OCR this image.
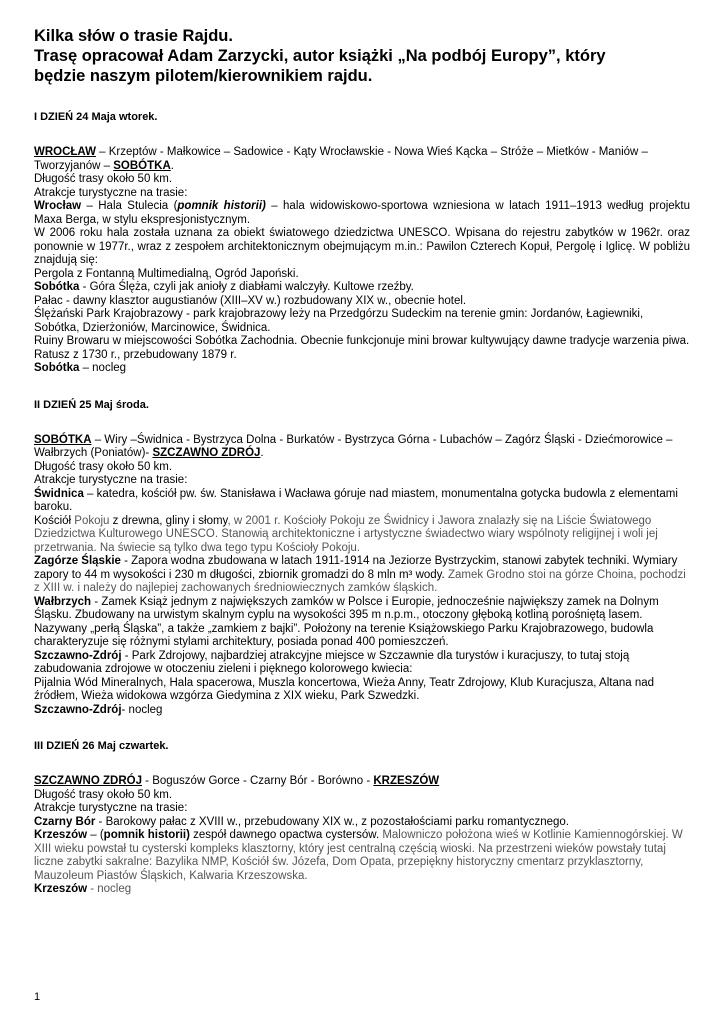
Kilka słów o trasie Rajdu.
Trasę opracował Adam Zarzycki, autor książki „Na podbój Europy”, który
będzie naszym pilotem/kierownikiem rajdu.

I DZIEŃ 24 Maja wtorek.

WROCŁAW – Krzeptów - Małkowice – Sadowice - Kąty Wrocławskie - Nowa Wieś Kącka – Stróże – Mietków - Maniów – Tworzyjanów – SOBÓTKA.

Długość trasy około 50 km.

Atrakcje turystyczne na trasie:

Wrocław – Hala Stulecia (pomnik historii) – hala widowiskowo-sportowa wzniesiona w latach 1911–1913 według projektu Maxa Berga, w stylu ekspresjonistycznym.

W 2006 roku hala została uznana za obiekt światowego dziedzictwa UNESCO. Wpisana do rejestru zabytków w 1962r. oraz ponownie w 1977r., wraz z zespołem architektonicznym obejmującym m.in.: Pawilon Czterech Kopuł, Pergolę i Iglicę. W pobliżu znajdują się:

Pergola z Fontanną Multimedialną, Ogród Japoński.

Sobótka - Góra Ślęża, czyli jak anioły z diabłami walczyły. Kultowe rzeźby.

Pałac - dawny klasztor augustianów (XIII–XV w.) rozbudowany XIX w., obecnie hotel.

Ślężański Park Krajobrazowy - park krajobrazowy leży na Przedgórzu Sudeckim na terenie gmin: Jordanów, Łagiewniki, Sobótka, Dzierżoniów, Marcinowice, Świdnica.

Ruiny Browaru w miejscowości Sobótka Zachodnia. Obecnie funkcjonuje mini browar kultywujący dawne tradycje warzenia piwa.

Ratusz z 1730 r., przebudowany 1879 r.

Sobótka – nocleg

II DZIEŃ 25 Maj środa.

SOBÓTKA – Wiry –Świdnica - Bystrzyca Dolna - Burkatów - Bystrzyca Górna - Lubachów – Zagórz Śląski - Dziećmorowice – Wałbrzych (Poniatów)- SZCZAWNO ZDRÓJ.

Długość trasy około 50 km.

Atrakcje turystyczne na trasie:

Świdnica – katedra, kościół pw. św. Stanisława i Wacława góruje nad miastem, monumentalna gotycka budowla z elementami baroku.

Kościół Pokoju z drewna, gliny i słomy, w 2001 r. Kościoły Pokoju ze Świdnicy i Jawora znalazły się na Liście Światowego Dziedzictwa Kulturowego UNESCO. Stanowią architektoniczne i artystyczne świadectwo wiary wspólnoty religijnej i woli jej przetrwania. Na świecie są tylko dwa tego typu Kościoły Pokoju.

Zagórze Śląskie - Zapora wodna zbudowana w latach 1911-1914 na Jeziorze Bystrzyckim, stanowi zabytek techniki. Wymiary zapory to 44 m wysokości i 230 m długości, zbiornik gromadzi do 8 mln m³ wody. Zamek Grodno stoi na górze Choina, pochodzi z XIII w. i należy do najlepiej zachowanych średniowiecznych zamków śląskich.

Wałbrzych - Zamek Książ jednym z największych zamków w Polsce i Europie, jednocześnie największy zamek na Dolnym Śląsku. Zbudowany na urwistym skalnym cyplu na wysokości 395 m n.p.m., otoczony głęboką kotliną porośniętą lasem. Nazywany „perłą Śląska”, a także „zamkiem z bajki”. Położony na terenie Książowskiego Parku Krajobrazowego, budowla charakteryzuje się różnymi stylami architektury, posiada ponad 400 pomieszczeń.

Szczawno-Zdrój - Park Zdrojowy, najbardziej atrakcyjne miejsce w Szczawnie dla turystów i kuracjuszy, to tutaj stoją zabudowania zdrojowe w otoczeniu zieleni i pięknego kolorowego kwiecia:

Pijalnia Wód Mineralnych, Hala spacerowa, Muszla koncertowa, Wieża Anny, Teatr Zdrojowy, Klub Kuracjusza, Altana nad źródłem, Wieża widokowa wzgórza Giedymina z XIX wieku, Park Szwedzki.

Szczawno-Zdrój- nocleg

III DZIEŃ 26 Maj czwartek.

SZCZAWNO ZDRÓJ - Boguszów Gorce - Czarny Bór - Borówno - KRZESZÓW

Długość trasy około 50 km.

Atrakcje turystyczne na trasie:

Czarny Bór - Barokowy pałac z XVIII w., przebudowany XIX w., z pozostałościami parku romantycznego.

Krzeszów – (pomnik historii) zespół dawnego opactwa cystersów. Malowniczo położona wieś w Kotlinie Kamiennogórskiej. W XIII wieku powstał tu cysterski kompleks klasztorny, który jest centralną częścią wioski. Na przestrzeni wieków powstały tutaj liczne zabytki sakralne: Bazylika NMP, Kościół św. Józefa, Dom Opata, przepiękny historyczny cmentarz przyklasztorny, Mauzoleum Piastów Śląskich, Kalwaria Krzeszowska.

Krzeszów - nocleg

1
